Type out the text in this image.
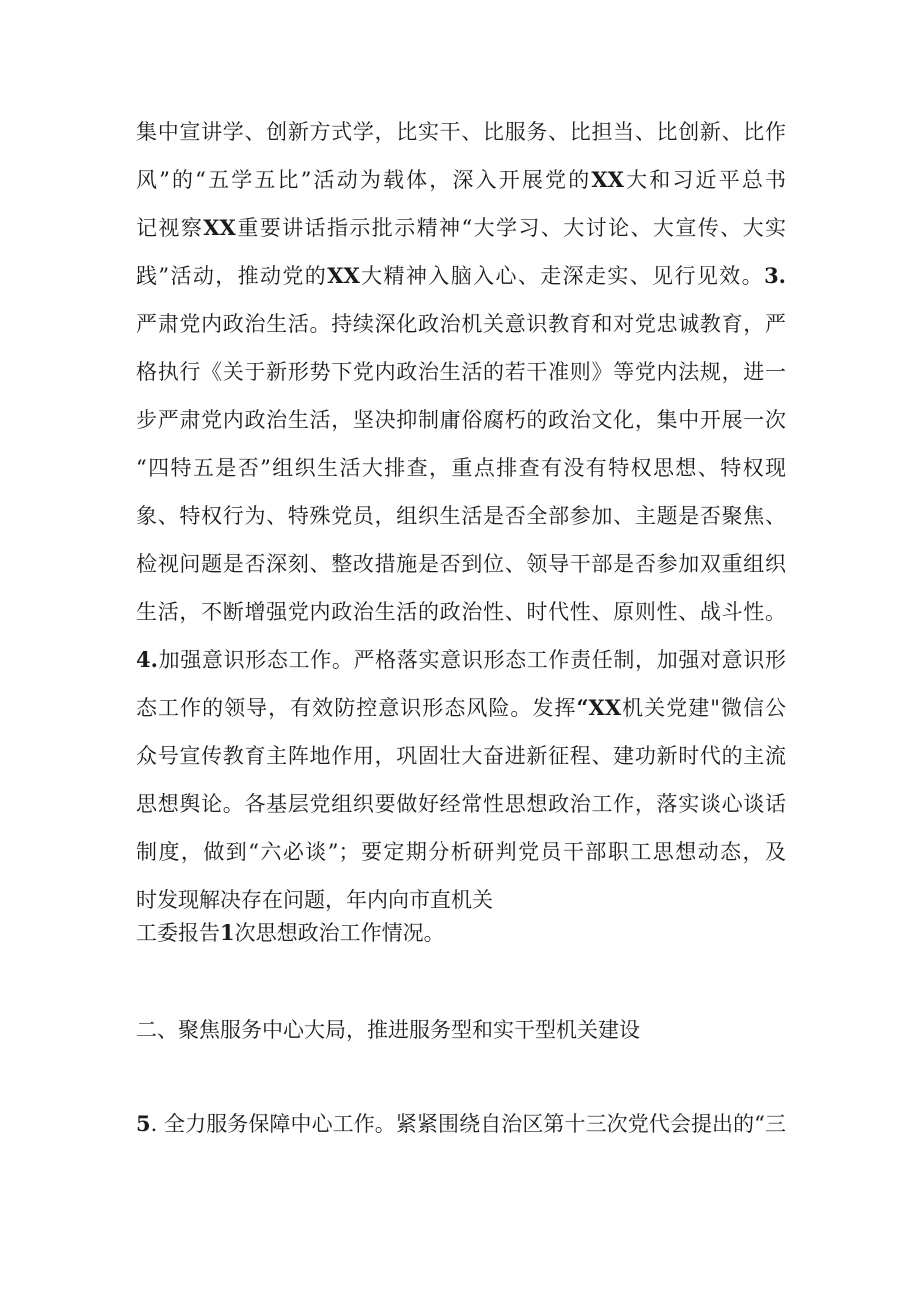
集中宣讲学、创新方式学，比实干、比服务、比担当、比创新、比作
风”的“五学五比”活动为载体，深入开展党的XX大和习近平总书
记视察XX重要讲话指示批示精神“大学习、大讨论、大宣传、大实
践”活动，推动党的XX大精神入脑入心、走深走实、见行见效。3.
严肃党内政治生活。持续深化政治机关意识教育和对党忠诚教育，严
格执行《关于新形势下党内政治生活的若干准则》等党内法规，进一
步严肃党内政治生活，坚决抑制庸俗腐朽的政治文化，集中开展一次
“四特五是否”组织生活大排查，重点排查有没有特权思想、特权现
象、特权行为、特殊党员，组织生活是否全部参加、主题是否聚焦、
检视问题是否深刻、整改措施是否到位、领导干部是否参加双重组织
生活，不断增强党内政治生活的政治性、时代性、原则性、战斗性。
4.加强意识形态工作。严格落实意识形态工作责任制，加强对意识形
态工作的领导，有效防控意识形态风险。发挥“XX机关党建"微信公
众号宣传教育主阵地作用，巩固壮大奋进新征程、建功新时代的主流
思想舆论。各基层党组织要做好经常性思想政治工作，落实谈心谈话
制度，做到“六必谈”；要定期分析研判党员干部职工思想动态，及
时发现解决存在问题，年内向市直机关
工委报告1次思想政治工作情况。
二、聚焦服务中心大局，推进服务型和实干型机关建设
5. 全力服务保障中心工作。紧紧围绕自治区第十三次党代会提出的“三
